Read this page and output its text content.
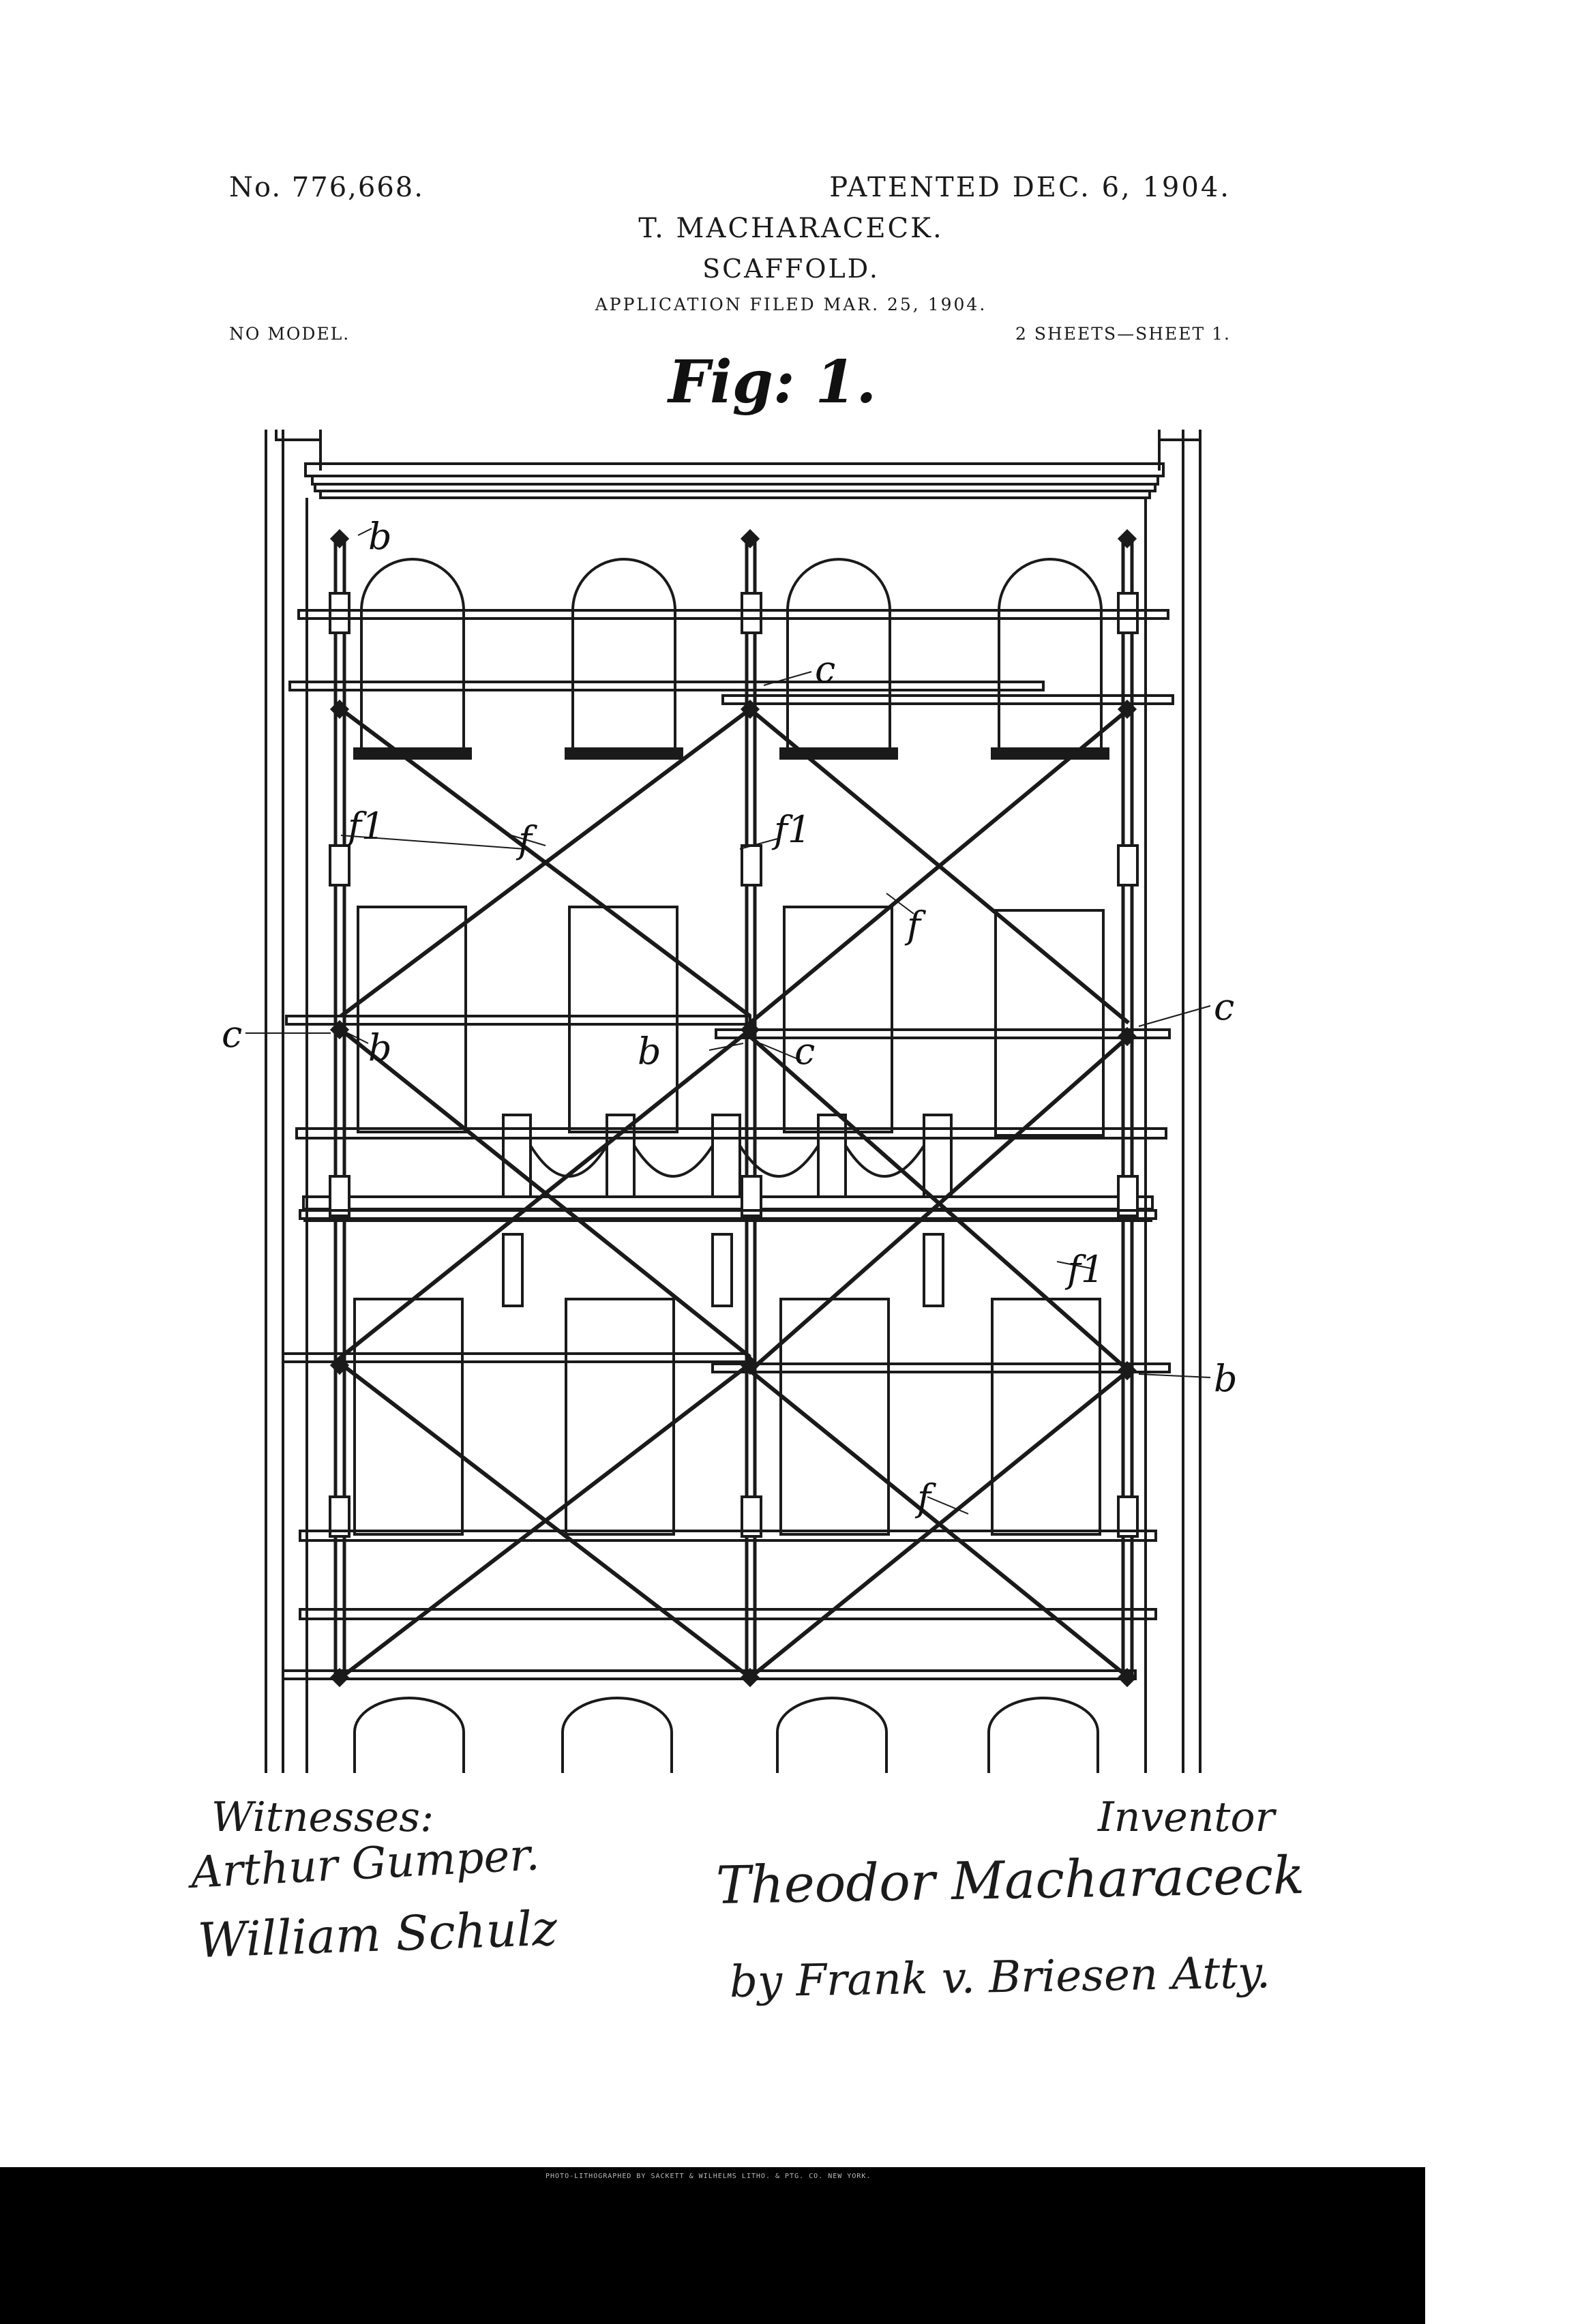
No. 776,668.	PATENTED DEC. 6, 1904.
T. MACHARACECK.
SCAFFOLD.
APPLICATION FILED MAR. 25, 1904.
NO MODEL.	2 SHEETS—SHEET 1.
Fig: 1.
b
c
f1	f	f1
f
c	b	b	c
c
f1
b
f
Witnesses:	Inventor
Arthur Gumper.
William Schulz
Theodor Macharaceck
by Frank v. Briesen Atty.
PHOTO-LITHOGRAPHED BY SACKETT & WILHELMS LITHO. & PTG. CO. NEW YORK.
